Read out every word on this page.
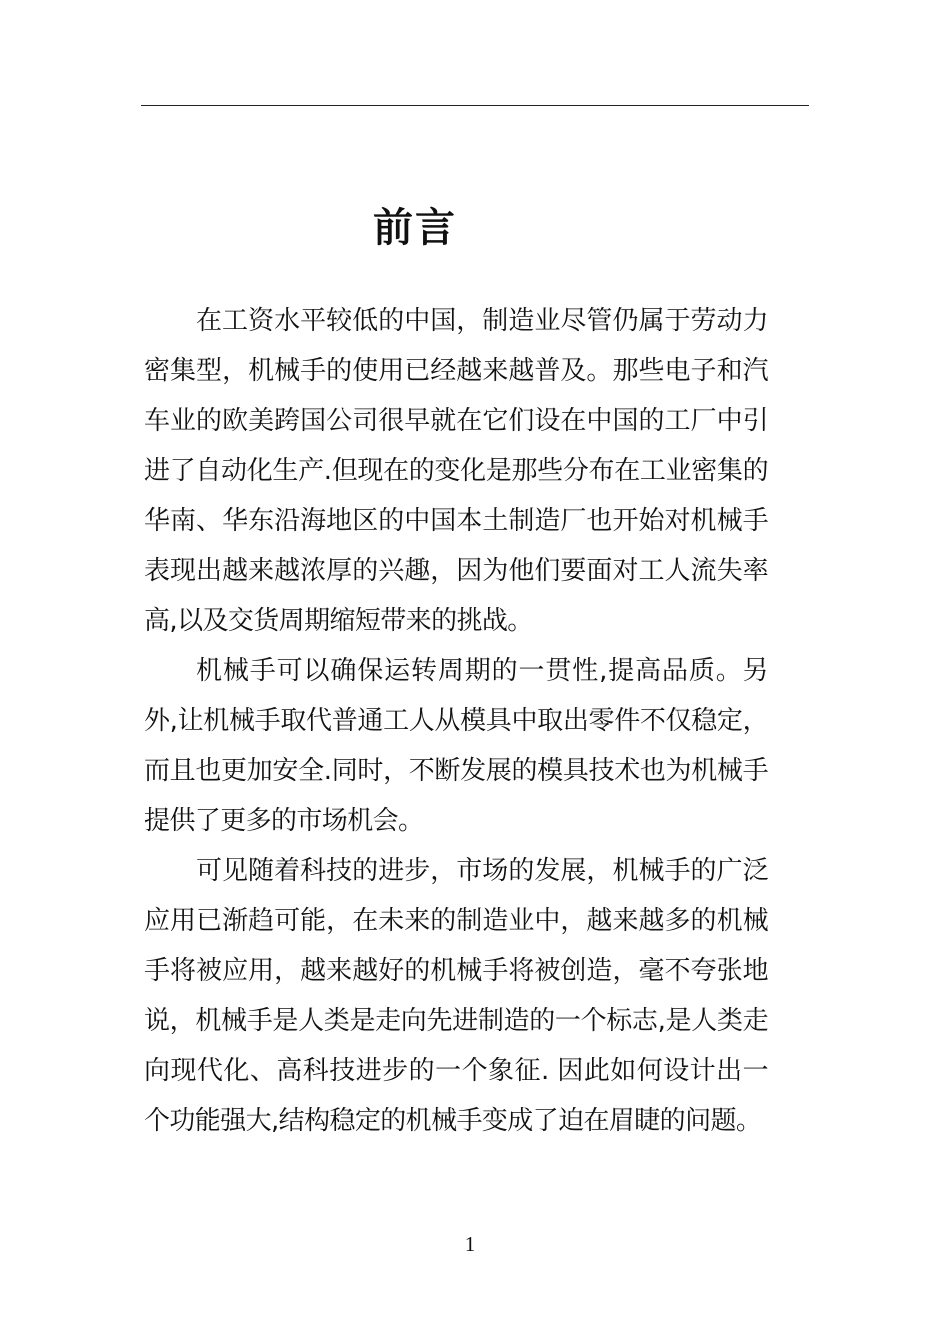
前言

在工资水平较低的中国，制造业尽管仍属于劳动力密集型，机械手的使用已经越来越普及。那些电子和汽车业的欧美跨国公司很早就在它们设在中国的工厂中引进了自动化生产.但现在的变化是那些分布在工业密集的华南、华东沿海地区的中国本土制造厂也开始对机械手表现出越来越浓厚的兴趣，因为他们要面对工人流失率高,以及交货周期缩短带来的挑战。

机械手可以确保运转周期的一贯性,提高品质。另外,让机械手取代普通工人从模具中取出零件不仅稳定，而且也更加安全.同时，不断发展的模具技术也为机械手提供了更多的市场机会。

可见随着科技的进步，市场的发展，机械手的广泛应用已渐趋可能，在未来的制造业中，越来越多的机械手将被应用，越来越好的机械手将被创造，毫不夸张地说，机械手是人类是走向先进制造的一个标志,是人类走向现代化、高科技进步的一个象征. 因此如何设计出一个功能强大,结构稳定的机械手变成了迫在眉睫的问题。

1
